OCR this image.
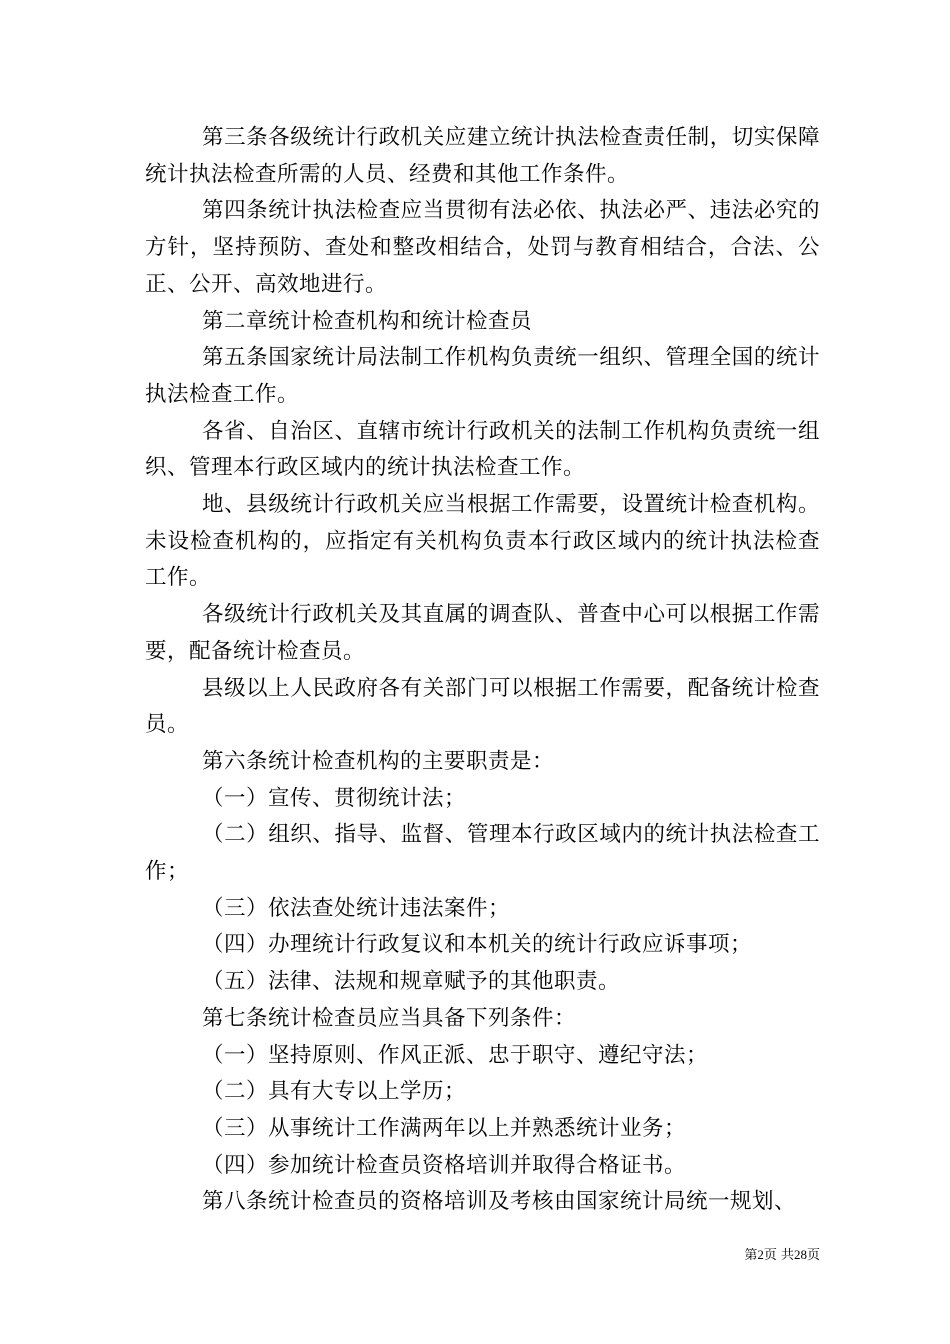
第三条各级统计行政机关应建立统计执法检查责任制，切实保障统计执法检查所需的人员、经费和其他工作条件。

第四条统计执法检查应当贯彻有法必依、执法必严、违法必究的方针，坚持预防、查处和整改相结合，处罚与教育相结合，合法、公正、公开、高效地进行。

第二章统计检查机构和统计检查员

第五条国家统计局法制工作机构负责统一组织、管理全国的统计执法检查工作。

各省、自治区、直辖市统计行政机关的法制工作机构负责统一组织、管理本行政区域内的统计执法检查工作。

地、县级统计行政机关应当根据工作需要，设置统计检查机构。未设检查机构的，应指定有关机构负责本行政区域内的统计执法检查工作。

各级统计行政机关及其直属的调查队、普查中心可以根据工作需要，配备统计检查员。

县级以上人民政府各有关部门可以根据工作需要，配备统计检查员。

第六条统计检查机构的主要职责是：

（一）宣传、贯彻统计法；

（二）组织、指导、监督、管理本行政区域内的统计执法检查工作；

（三）依法查处统计违法案件；

（四）办理统计行政复议和本机关的统计行政应诉事项；

（五）法律、法规和规章赋予的其他职责。

第七条统计检查员应当具备下列条件：

（一）坚持原则、作风正派、忠于职守、遵纪守法；

（二）具有大专以上学历；

（三）从事统计工作满两年以上并熟悉统计业务；

（四）参加统计检查员资格培训并取得合格证书。

第八条统计检查员的资格培训及考核由国家统计局统一规划、

第2页 共28页
